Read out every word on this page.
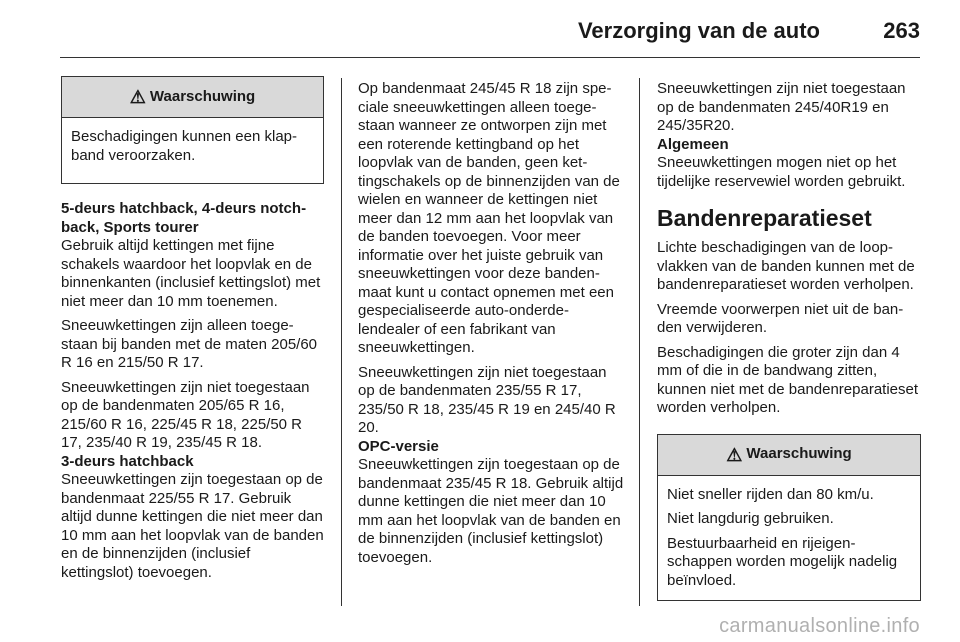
Verzorging van de auto	263
⚠ Waarschuwing

Beschadigingen kunnen een klapband veroorzaken.

5-deurs hatchback, 4-deurs notchback, Sports tourer

Gebruik altijd kettingen met fijne schakels waardoor het loopvlak en de binnenkanten (inclusief kettingslot) met niet meer dan 10 mm toenemen.

Sneeuwkettingen zijn alleen toegestaan bij banden met de maten 205/60 R 16 en 215/50 R 17.

Sneeuwkettingen zijn niet toegestaan op de bandenmaten 205/65 R 16, 215/60 R 16, 225/45 R 18, 225/50 R 17, 235/40 R 19, 235/45 R 18.

3-deurs hatchback

Sneeuwkettingen zijn toegestaan op de bandenmaat 225/55 R 17. Gebruik altijd dunne kettingen die niet meer dan 10 mm aan het loopvlak van de banden en de binnenzijden (inclusief kettingslot) toevoegen.

Op bandenmaat 245/45 R 18 zijn speciale sneeuwkettingen alleen toegestaan wanneer ze ontworpen zijn met een roterende kettingband op het loopvlak van de banden, geen kettingschakels op de binnenzijden van de wielen en wanneer de kettingen niet meer dan 12 mm aan het loopvlak van de banden toevoegen. Voor meer informatie over het juiste gebruik van sneeuwkettingen voor deze bandenmaat kunt u contact opnemen met een gespecialiseerde auto-onderdelendealer of een fabrikant van sneeuwkettingen.

Sneeuwkettingen zijn niet toegestaan op de bandenmaten 235/55 R 17, 235/50 R 18, 235/45 R 19 en 245/40 R 20.

OPC-versie

Sneeuwkettingen zijn toegestaan op de bandenmaat 235/45 R 18. Gebruik altijd dunne kettingen die niet meer dan 10 mm aan het loopvlak van de banden en de binnenzijden (inclusief kettingslot) toevoegen.

Sneeuwkettingen zijn niet toegestaan op de bandenmaten 245/40R19 en 245/35R20.

Algemeen

Sneeuwkettingen mogen niet op het tijdelijke reservewiel worden gebruikt.

Bandenreparatieset

Lichte beschadigingen van de loopvlakken van de banden kunnen met de bandenreparatieset worden verholpen.

Vreemde voorwerpen niet uit de banden verwijderen.

Beschadigingen die groter zijn dan 4 mm of die in de bandwang zitten, kunnen niet met de bandenreparatieset worden verholpen.

⚠ Waarschuwing

Niet sneller rijden dan 80 km/u.

Niet langdurig gebruiken.

Bestuurbaarheid en rijeigenschappen worden mogelijk nadelig beïnvloed.

carmanualsonline.info
